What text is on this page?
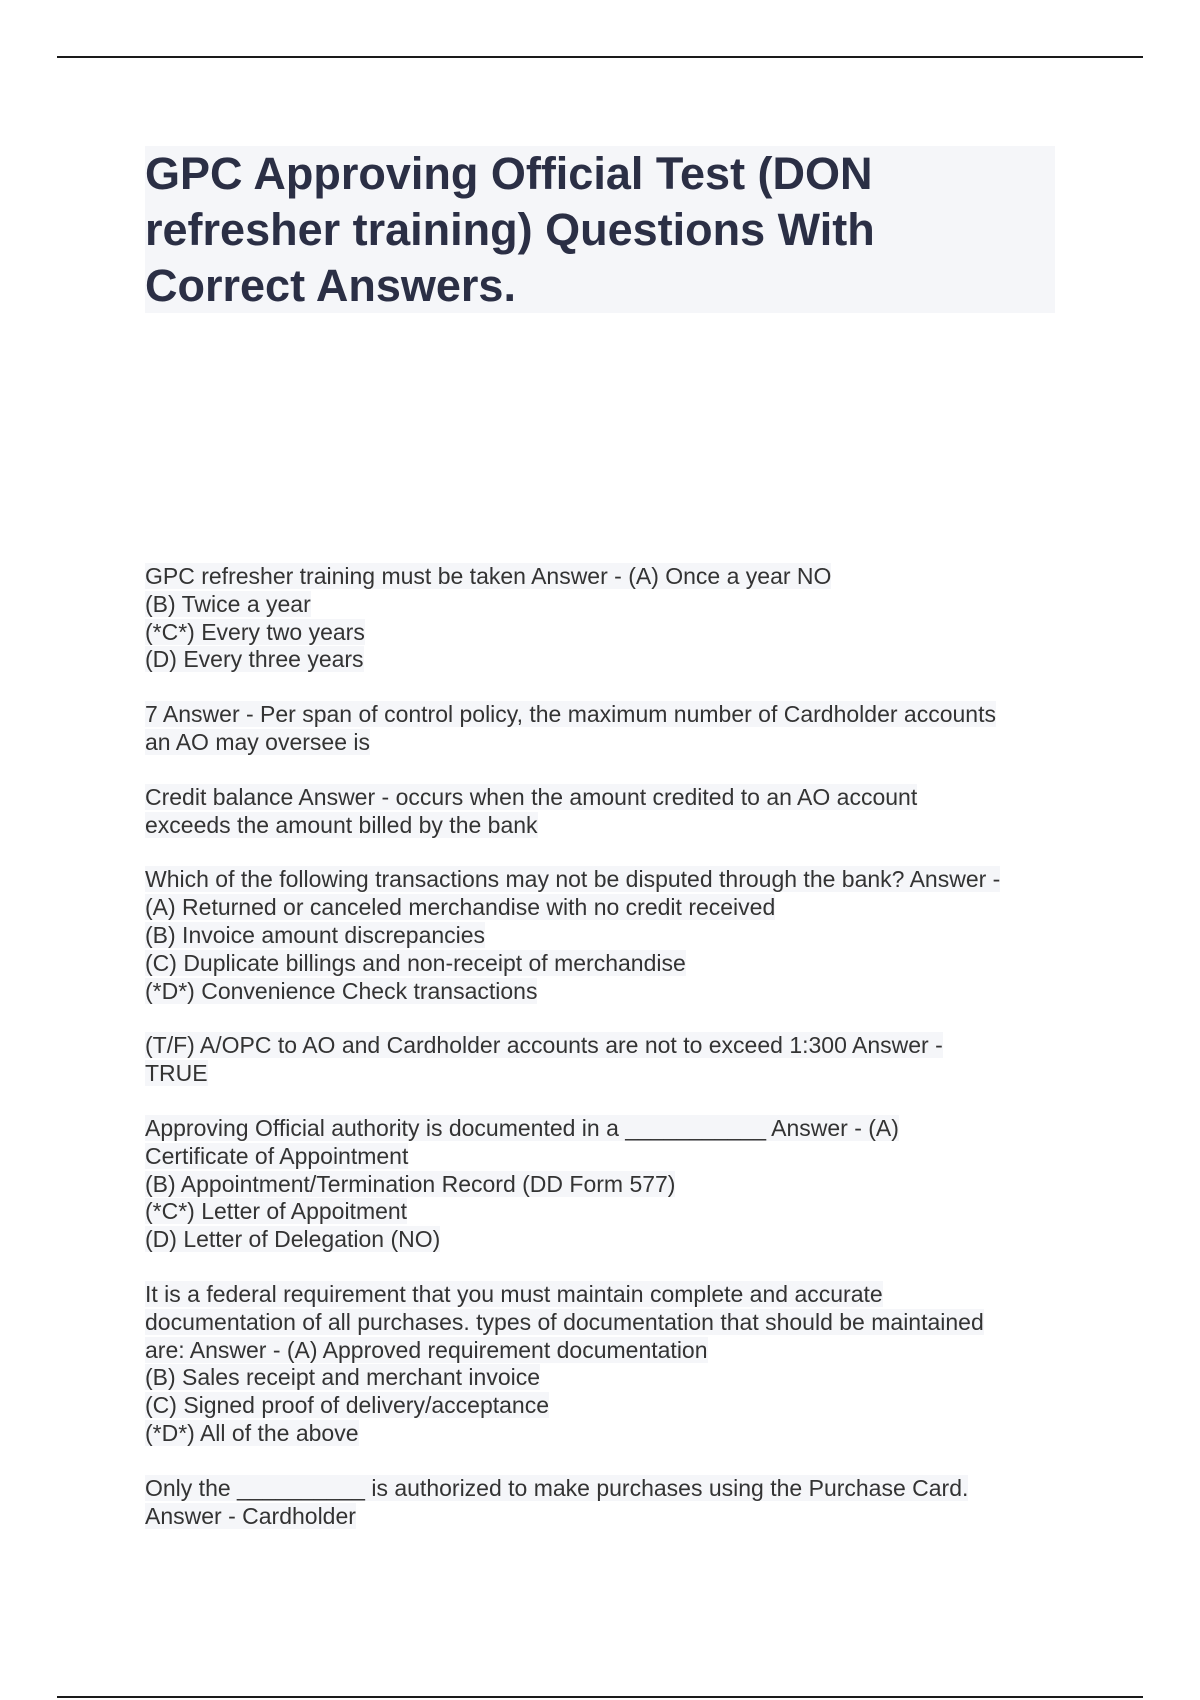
GPC Approving Official Test (DON
refresher training) Questions With
Correct Answers.
GPC refresher training must be taken Answer - (A) Once a year NO
(B) Twice a year
(*C*) Every two years
(D) Every three years
7 Answer - Per span of control policy, the maximum number of Cardholder accounts
an AO may oversee is
Credit balance Answer - occurs when the amount credited to an AO account
exceeds the amount billed by the bank
Which of the following transactions may not be disputed through the bank? Answer -
(A) Returned or canceled merchandise with no credit received
(B) Invoice amount discrepancies
(C) Duplicate billings and non-receipt of merchandise
(*D*) Convenience Check transactions
(T/F) A/OPC to AO and Cardholder accounts are not to exceed 1:300 Answer -
TRUE
Approving Official authority is documented in a ___________ Answer - (A)
Certificate of Appointment
(B) Appointment/Termination Record (DD Form 577)
(*C*) Letter of Appoitment
(D) Letter of Delegation (NO)
It is a federal requirement that you must maintain complete and accurate
documentation of all purchases. types of documentation that should be maintained
are: Answer - (A) Approved requirement documentation
(B) Sales receipt and merchant invoice
(C) Signed proof of delivery/acceptance
(*D*) All of the above
Only the __________ is authorized to make purchases using the Purchase Card.
Answer - Cardholder
